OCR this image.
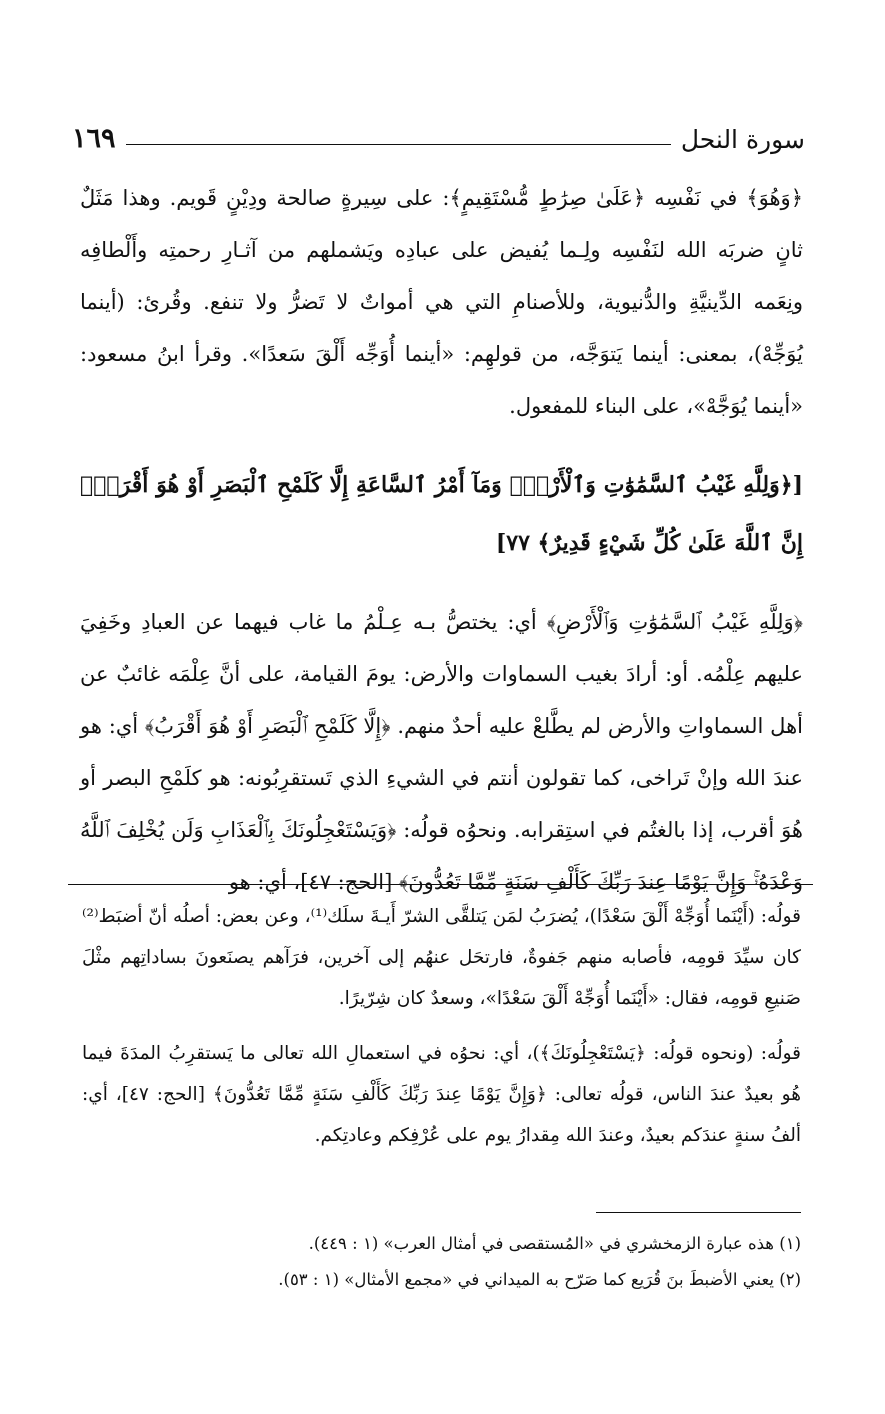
سورة النحل
١٦٩

﴿وَهُوَ﴾ في نَفْسِه ﴿عَلَىٰ صِرَٰطٍ مُّسْتَقِيمٍ﴾: على سِيرةٍ صالحة ودِيْنٍ قَويم. وهذا مَثَلٌ ثانٍ ضربَه الله لنَفْسِه ولِـما يُفيض على عبادِه ويَشملهم من آثـارِ رحمتِه وأَلْطافِه ونِعَمه الدِّينيَّةِ والدُّنيوية، وللأصنامِ التي هي أمواتٌ لا تَضرُّ ولا تنفع. وقُرئ: (أينما يُوَجِّهْ)، بمعنى: أينما يَتوَجَّه، من قولهِم: «أينما أُوَجِّه أَلْقَ سَعدًا». وقرأ ابنُ مسعود: «أينما يُوَجَّهْ»، على البناء للمفعول.

[﴿وَلِلَّهِ غَيْبُ ٱلسَّمَٰوَٰتِ وَٱلْأَرْضِۚ وَمَآ أَمْرُ ٱلسَّاعَةِ إِلَّا كَلَمْحِ ٱلْبَصَرِ أَوْ هُوَ أَقْرَبُۚ إِنَّ ٱللَّهَ عَلَىٰ كُلِّ شَيْءٍ قَدِيرٌ﴾ ٧٧]

﴿وَلِلَّهِ غَيْبُ ٱلسَّمَٰوَٰتِ وَٱلْأَرْضِ﴾ أي: يختصُّ بـه عِـلْمُ ما غاب فيهما عن العبادِ وخَفِيَ عليهم عِلْمُه. أو: أرادَ بغيب السماوات والأرض: يومَ القيامة، على أنَّ عِلْمَه غائبٌ عن أهل السماواتِ والأرض لم يطَّلعْ عليه أحدٌ منهم. ﴿إِلَّا كَلَمْحِ ٱلْبَصَرِ أَوْ هُوَ أَقْرَبُ﴾ أي: هو عندَ الله وإنْ تَراخى، كما تقولون أنتم في الشيءِ الذي تَستقرِبُونه: هو كلَمْحِ البصر أو هُوَ أقرب، إذا بالغتُم في استِقرابه. ونحوُه قولُه: ﴿وَيَسْتَعْجِلُونَكَ بِٱلْعَذَابِ وَلَن يُخْلِفَ ٱللَّهُ وَعْدَهُۥۚ وَإِنَّ يَوْمًا عِندَ رَبِّكَ كَأَلْفِ سَنَةٍ مِّمَّا تَعُدُّونَ﴾ [الحج: ٤٧]، أي: هو

قولُه: (أَيْنَما أُوَجِّهْ أَلْقَ سَعْدًا)، يُضرَبُ لمَن يَتلقَّى الشرّ أَيـةَ سلَك⁽¹⁾، وعن بعض: أصلُه أنّ أضبَط⁽²⁾ كان سيِّدَ قومِه، فأصابه منهم جَفوةٌ، فارتحَل عنهُم إلى آخرين، فرَآهم يصنَعونَ بساداتِهم مثْلَ صَنيعِ قومِه، فقال: «أَيْنَما أُوَجِّهْ أَلْقَ سَعْدًا»، وسعدٌ كان شِرّيرًا.

قولُه: (ونحوه قولُه: ﴿يَسْتَعْجِلُونَكَ﴾)، أي: نحوُه في استعمالِ الله تعالى ما يَستقرِبُ المدَةَ فيما هُو بعيدٌ عندَ الناس، قولُه تعالى: ﴿وَإِنَّ يَوْمًا عِندَ رَبِّكَ كَأَلْفِ سَنَةٍ مِّمَّا تَعُدُّونَ﴾ [الحج: ٤٧]، أي: ألفُ سنةٍ عندَكم بعيدٌ، وعندَ الله مِقدارُ يوم على عُرْفِكم وعادتِكم.

(١) هذه عبارة الزمخشري في «المُستقصى في أمثال العرب» (١ : ٤٤٩).

(٢) يعني الأضبطَ بنَ قُرَيع كما صَرّح به الميداني في «مجمع الأمثال» (١ : ٥٣).
